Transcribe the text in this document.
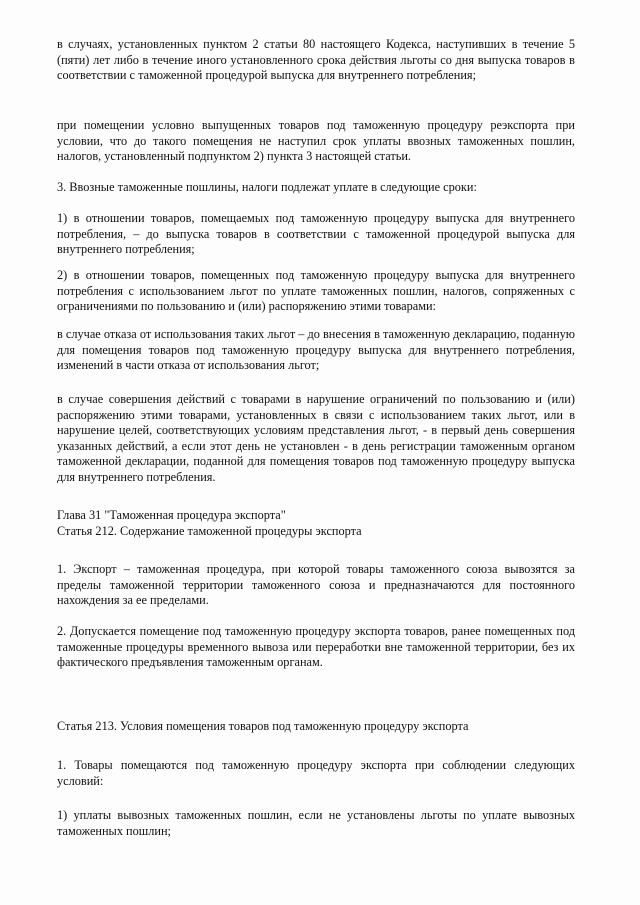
в случаях, установленных пунктом 2 статьи 80 настоящего Кодекса, наступивших в течение 5 (пяти) лет либо в течение иного установленного срока действия льготы со дня выпуска товаров в соответствии с таможенной процедурой выпуска для внутреннего потребления;

при помещении условно выпущенных товаров под таможенную процедуру реэкспорта при условии, что до такого помещения не наступил срок уплаты ввозных таможенных пошлин, налогов, установленный подпунктом 2) пункта 3 настоящей статьи.

3. Ввозные таможенные пошлины, налоги подлежат уплате в следующие сроки:

1) в отношении товаров, помещаемых под таможенную процедуру выпуска для внутреннего потребления, – до выпуска товаров в соответствии с таможенной процедурой выпуска для внутреннего потребления;

2) в отношении товаров, помещенных под таможенную процедуру выпуска для внутреннего потребления с использованием льгот по уплате таможенных пошлин, налогов, сопряженных с ограничениями по пользованию и (или) распоряжению этими товарами:

в случае отказа от использования таких льгот – до внесения в таможенную декларацию, поданную для помещения товаров под таможенную процедуру выпуска для внутреннего потребления, изменений в части отказа от использования льгот;

в случае совершения действий с товарами в нарушение ограничений по пользованию и (или) распоряжению этими товарами, установленных в связи с использованием таких льгот, или в нарушение целей, соответствующих условиям представления льгот, - в первый день совершения указанных действий, а если этот день не установлен - в день регистрации таможенным органом таможенной декларации, поданной для помещения товаров под таможенную процедуру выпуска для внутреннего потребления.

Глава 31 "Таможенная процедура экспорта"
Статья 212. Содержание таможенной процедуры экспорта

1. Экспорт – таможенная процедура, при которой товары таможенного союза вывозятся за пределы таможенной территории таможенного союза и предназначаются для постоянного нахождения за ее пределами.

2. Допускается помещение под таможенную процедуру экспорта товаров, ранее помещенных под таможенные процедуры временного вывоза или переработки вне таможенной территории, без их фактического предъявления таможенным органам.

Статья 213. Условия помещения товаров под таможенную процедуру экспорта

1. Товары помещаются под таможенную процедуру экспорта при соблюдении следующих условий:

1) уплаты вывозных таможенных пошлин, если не установлены льготы по уплате вывозных таможенных пошлин;
